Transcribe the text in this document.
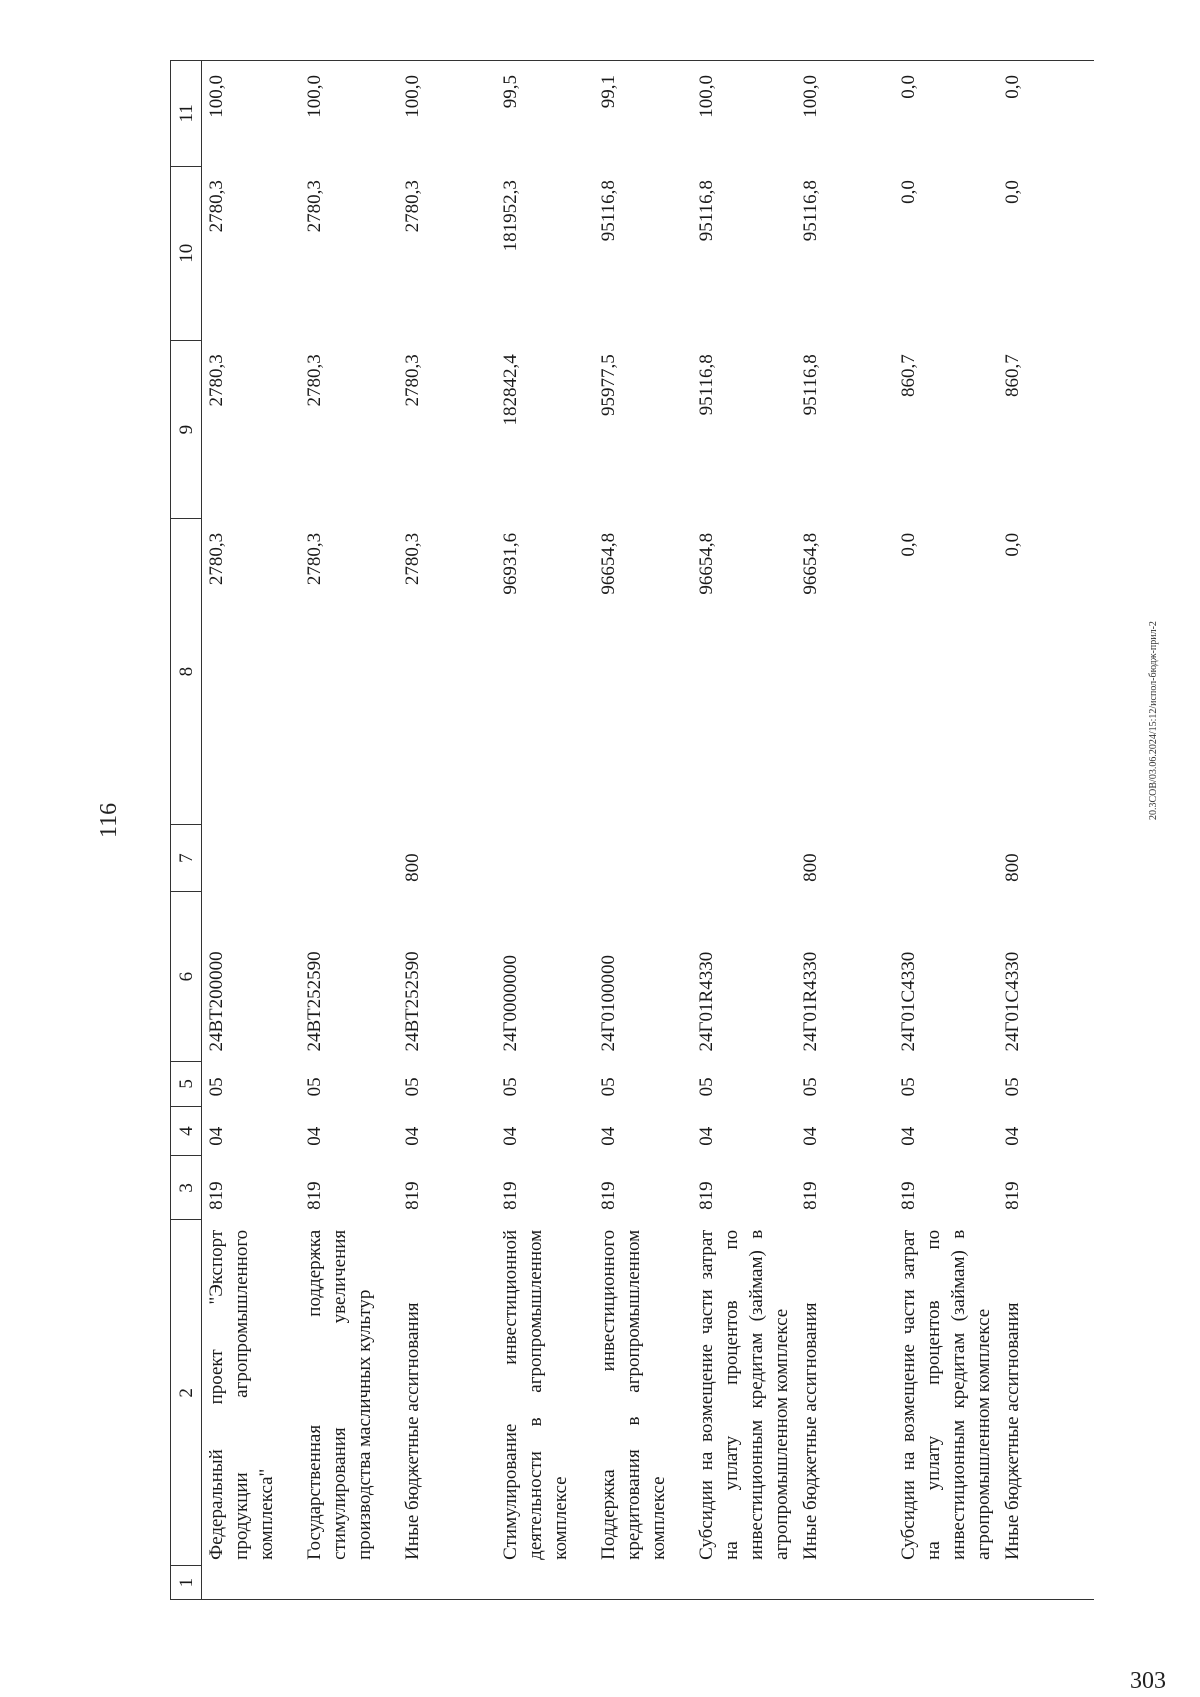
116
1	2	3	4	5	6	7	8	9	10	11
	Федеральный проект "Экспорт продукции агропромышленного комплекса"	819	04	05	24ВТ200000		2780,3	2780,3	2780,3	100,0
	Государственная поддержка стимулирования увеличения производства масличных культур	819	04	05	24ВТ252590		2780,3	2780,3	2780,3	100,0
	Иные бюджетные ассигнования	819	04	05	24ВТ252590	800	2780,3	2780,3	2780,3	100,0
	Стимулирование инвестиционной деятельности в агропромышленном комплексе	819	04	05	24Г0000000		96931,6	182842,4	181952,3	99,5
	Поддержка инвестиционного кредитования в агропромышленном комплексе	819	04	05	24Г0100000		96654,8	95977,5	95116,8	99,1
	Субсидии на возмещение части затрат на уплату процентов по инвестиционным кредитам (займам) в агропромышленном комплексе	819	04	05	24Г01R4330		96654,8	95116,8	95116,8	100,0
	Иные бюджетные ассигнования	819	04	05	24Г01R4330	800	96654,8	95116,8	95116,8	100,0
	Субсидии на возмещение части затрат на уплату процентов по инвестиционным кредитам (займам) в агропромышленном комплексе	819	04	05	24Г01С4330		0,0	860,7	0,0	0,0
	Иные бюджетные ассигнования	819	04	05	24Г01С4330	800	0,0	860,7	0,0	0,0
20.3СОВ/03.06.2024/15:12/испол-бюдж-прил-2
303
